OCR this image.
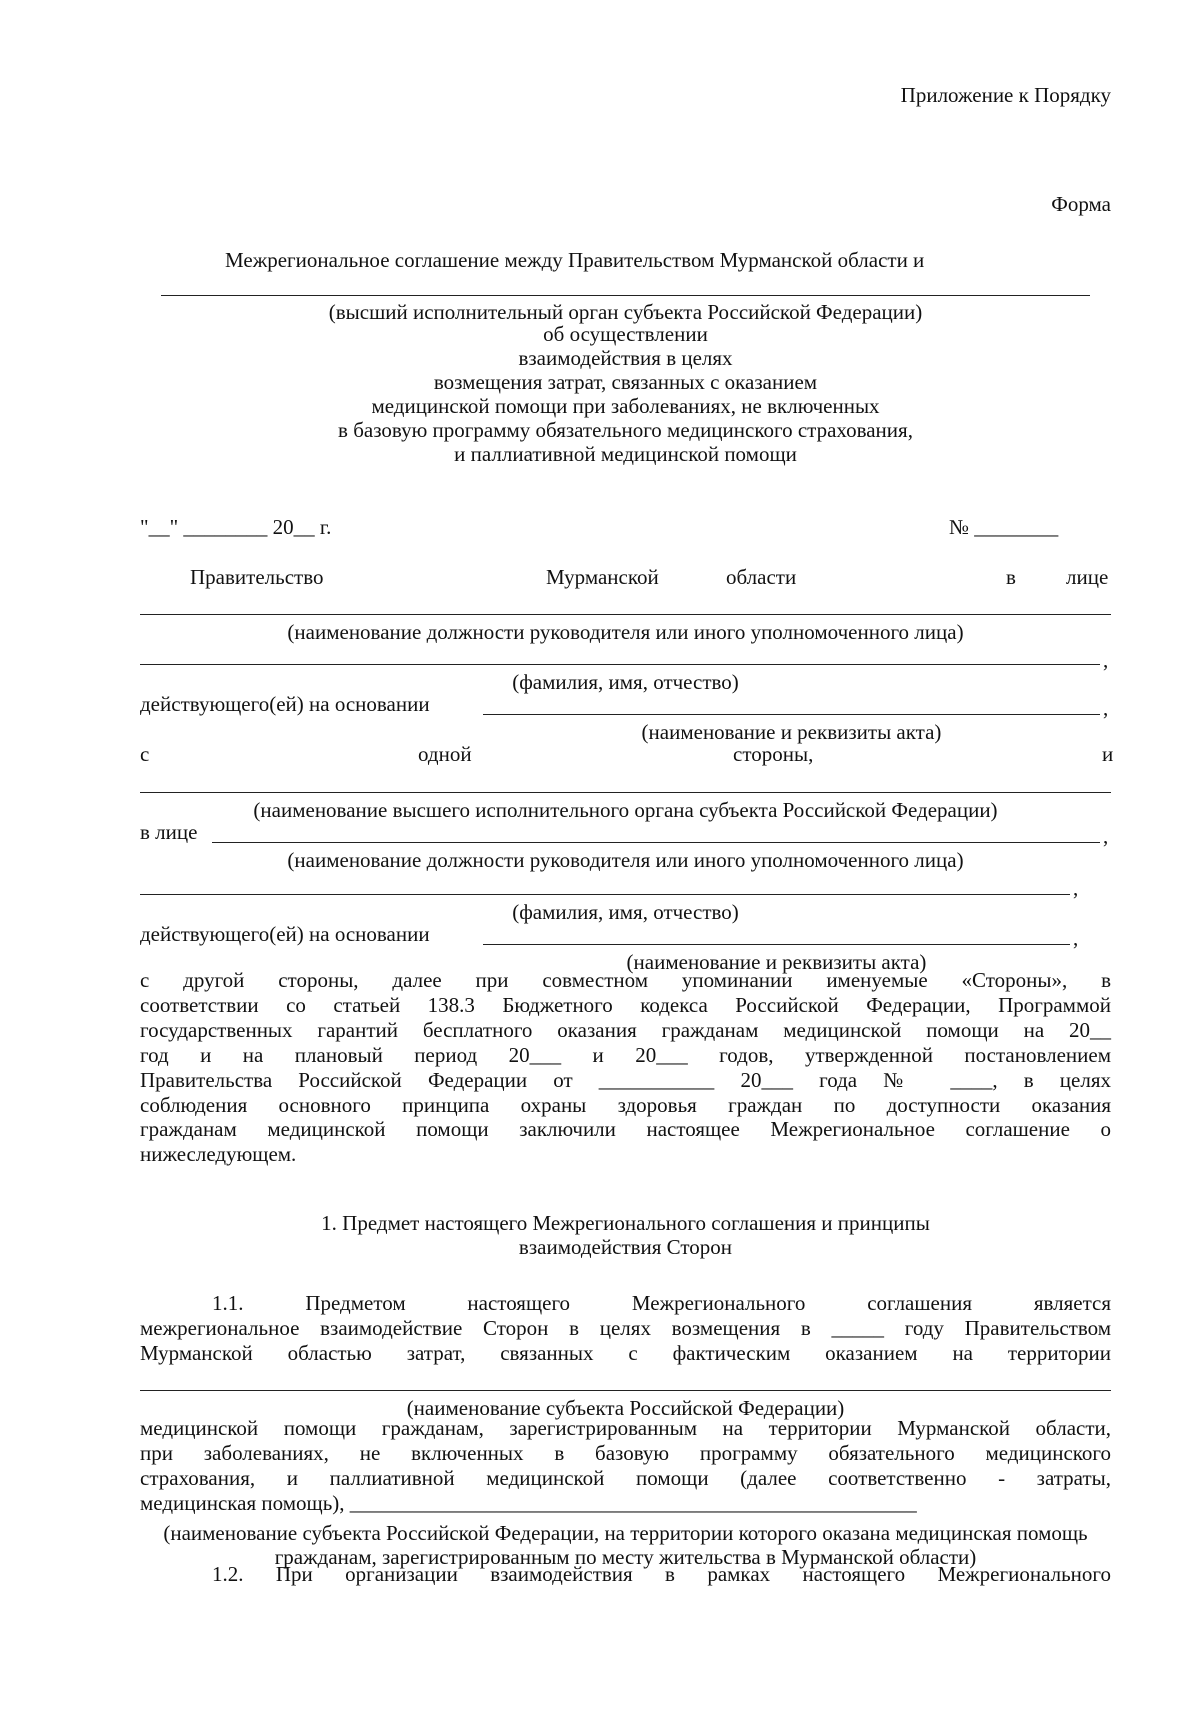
Приложение к Порядку
Форма
Межрегиональное соглашение между Правительством Мурманской области и
(высший исполнительный орган субъекта Российской Федерации)
об осуществлении
взаимодействия в целях
возмещения затрат, связанных с оказанием
медицинской помощи при заболеваниях, не включенных
в базовую программу обязательного медицинского страхования,
и паллиативной медицинской помощи
"__" ________ 20__ г.	№ ________
Правительство	Мурманской	области	в лице
(наименование должности руководителя или иного уполномоченного лица)
,
(фамилия, имя, отчество)
действующего(ей) на основании	,
(наименование и реквизиты акта)
с	одной	стороны,	и
(наименование высшего исполнительного органа субъекта Российской Федерации)
в лице	,
(наименование должности руководителя или иного уполномоченного лица)
,
(фамилия, имя, отчество)
действующего(ей) на основании	,
(наименование и реквизиты акта)
с другой стороны, далее при совместном упоминании именуемые «Стороны», в
соответствии со статьей 138.3 Бюджетного кодекса Российской Федерации, Программой
государственных гарантий бесплатного оказания гражданам медицинской помощи на 20__
год и на плановый период 20___ и 20___ годов, утвержденной постановлением
Правительства Российской Федерации от ___________ 20___ года № ____, в целях
соблюдения основного принципа охраны здоровья граждан по доступности оказания
гражданам медицинской помощи заключили настоящее Межрегиональное соглашение о
нижеследующем.
1. Предмет настоящего Межрегионального соглашения и принципы
взаимодействия Сторон
1.1. Предметом настоящего Межрегионального соглашения является
межрегиональное взаимодействие Сторон в целях возмещения в _____ году Правительством
Мурманской областью затрат, связанных с фактическим оказанием на территории
(наименование субъекта Российской Федерации)
медицинской помощи гражданам, зарегистрированным на территории Мурманской области,
при заболеваниях, не включенных в базовую программу обязательного медицинского
страхования, и паллиативной медицинской помощи (далее соответственно - затраты,
медицинская помощь), ______________________________________________________
(наименование субъекта Российской Федерации, на территории которого оказана медицинская помощь
гражданам, зарегистрированным по месту жительства в Мурманской области)
1.2. При организации взаимодействия в рамках настоящего Межрегионального
